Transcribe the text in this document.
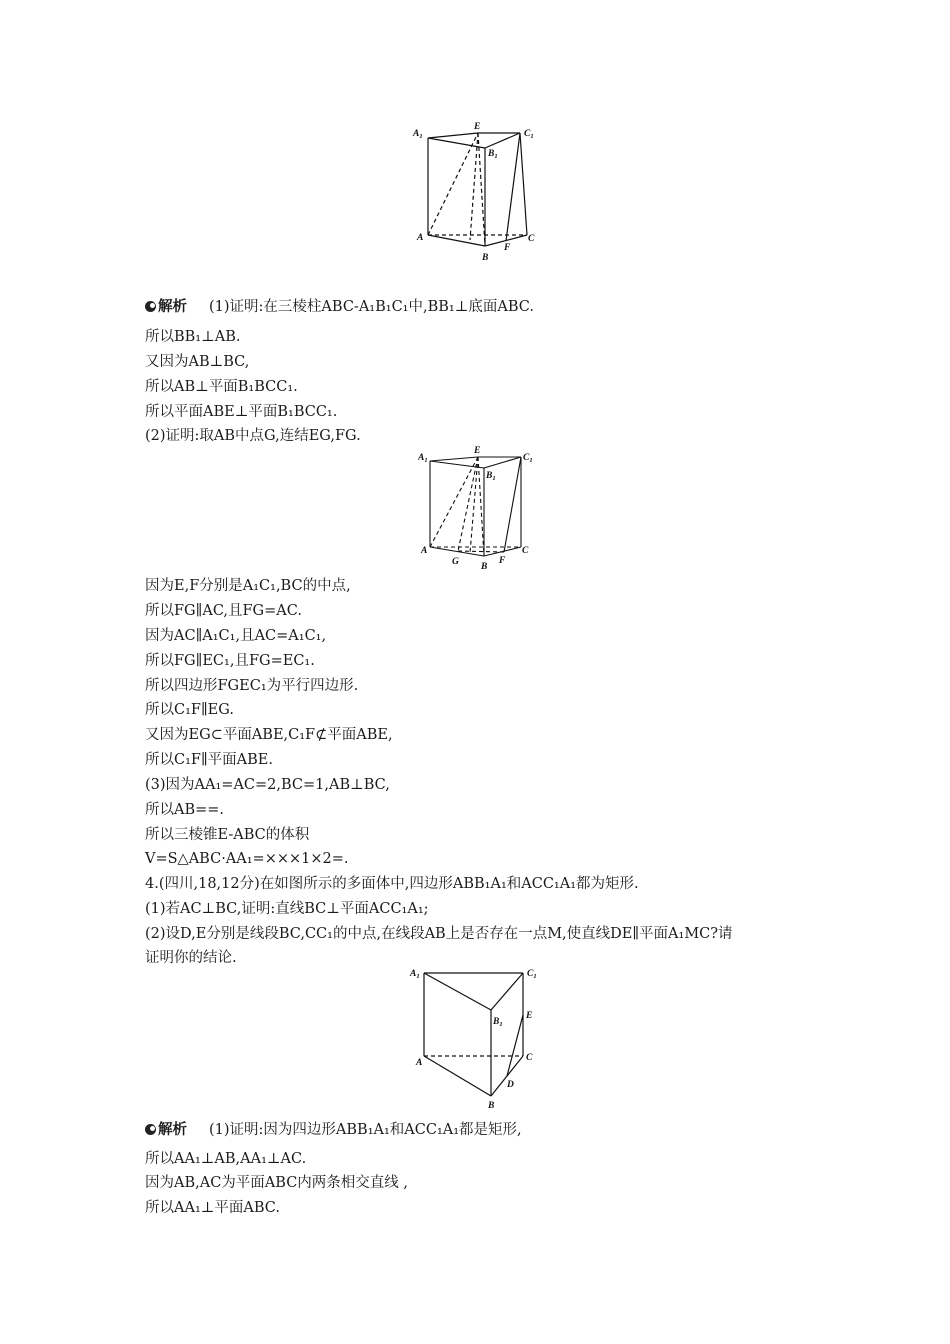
$A_1$
E
$C_1$
$B_1$
A	C
F
B
$A_1$
E
$C_1$
$B_1$
A	C
G	F
B
$A_1$	$C_1$
$B_1$
E
A	C
D
B
解析 (1)证明:在三棱柱ABC-A₁B₁C₁中,BB₁⊥底面ABC.
所以BB₁⊥AB.
又因为AB⊥BC,
所以AB⊥平面B₁BCC₁.
所以平面ABE⊥平面B₁BCC₁.
(2)证明:取AB中点G,连结EG,FG.
因为E,F分别是A₁C₁,BC的中点,
所以FG∥AC,且FG=AC.
因为AC∥A₁C₁,且AC=A₁C₁,
所以FG∥EC₁,且FG=EC₁.
所以四边形FGEC₁为平行四边形.
所以C₁F∥EG.
又因为EG⊂平面ABE,C₁F⊄平面ABE,
所以C₁F∥平面ABE.
(3)因为AA₁=AC=2,BC=1,AB⊥BC,
所以AB==.
所以三棱锥E-ABC的体积
V=S△ABC·AA₁=×××1×2=.
4.(四川,18,12分)在如图所示的多面体中,四边形ABB₁A₁和ACC₁A₁都为矩形.
(1)若AC⊥BC,证明:直线BC⊥平面ACC₁A₁;
(2)设D,E分别是线段BC,CC₁的中点,在线段AB上是否存在一点M,使直线DE∥平面A₁MC?请
证明你的结论.
解析 (1)证明:因为四边形ABB₁A₁和ACC₁A₁都是矩形,
所以AA₁⊥AB,AA₁⊥AC.
因为AB,AC为平面ABC内两条相交直线 ,
所以AA₁⊥平面ABC.
